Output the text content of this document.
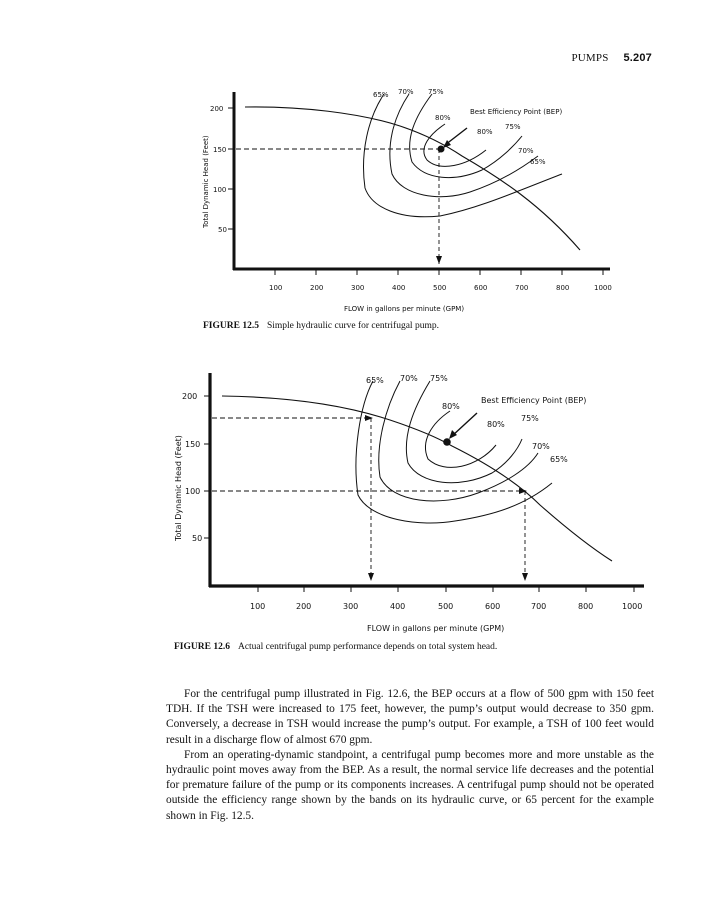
PUMPS 5.207
200
150
100
50
100	200	300	400	500	600	700	800	1000
65% 70% 75%
80%
Best Efficiency Point (BEP)
80%
75%
70%
65%
FLOW in gallons per minute (GPM)
Total Dynamic Head (Feet)
FIGURE 12.5 Simple hydraulic curve for centrifugal pump.
200
150
100
50
100	200	300	400	500	600	700	800	1000
65% 70% 75%
80%
Best Efficiency Point (BEP)
80%
75%
70%
65%
FLOW in gallons per minute (GPM)
Total Dynamic Head (Feet)
FIGURE 12.6 Actual centrifugal pump performance depends on total system head.

For the centrifugal pump illustrated in Fig. 12.6, the BEP occurs at a flow of 500 gpm with 150 feet TDH. If the TSH were increased to 175 feet, however, the pump’s output would decrease to 350 gpm. Conversely, a decrease in TSH would increase the pump’s output. For example, a TSH of 100 feet would result in a discharge flow of almost 670 gpm.

From an operating-dynamic standpoint, a centrifugal pump becomes more and more unstable as the hydraulic point moves away from the BEP. As a result, the normal service life decreases and the potential for premature failure of the pump or its components increases. A centrifugal pump should not be operated outside the efficiency range shown by the bands on its hydraulic curve, or 65 percent for the example shown in Fig. 12.5.
